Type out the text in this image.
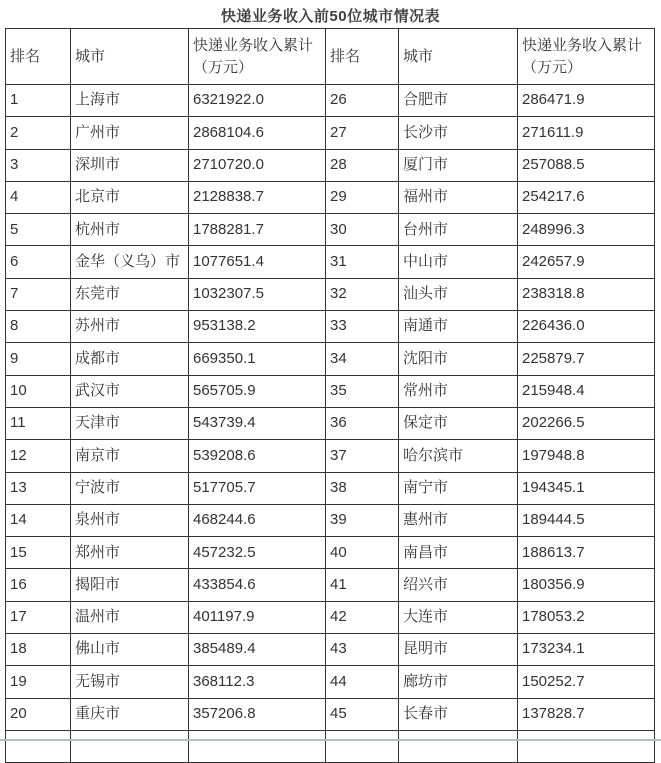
快递业务收入前50位城市情况表
排名	城市	快递业务收入累计（万元）	排名	城市	快递业务收入累计（万元）
1	上海市	6321922.0	26	合肥市	286471.9
2	广州市	2868104.6	27	长沙市	271611.9
3	深圳市	2710720.0	28	厦门市	257088.5
4	北京市	2128838.7	29	福州市	254217.6
5	杭州市	1788281.7	30	台州市	248996.3
6	金华（义乌）市	1077651.4	31	中山市	242657.9
7	东莞市	1032307.5	32	汕头市	238318.8
8	苏州市	953138.2	33	南通市	226436.0
9	成都市	669350.1	34	沈阳市	225879.7
10	武汉市	565705.9	35	常州市	215948.4
11	天津市	543739.4	36	保定市	202266.5
12	南京市	539208.6	37	哈尔滨市	197948.8
13	宁波市	517705.7	38	南宁市	194345.1
14	泉州市	468244.6	39	惠州市	189444.5
15	郑州市	457232.5	40	南昌市	188613.7
16	揭阳市	433854.6	41	绍兴市	180356.9
17	温州市	401197.9	42	大连市	178053.2
18	佛山市	385489.4	43	昆明市	173234.1
19	无锡市	368112.3	44	廊坊市	150252.7
20	重庆市	357206.8	45	长春市	137828.7
